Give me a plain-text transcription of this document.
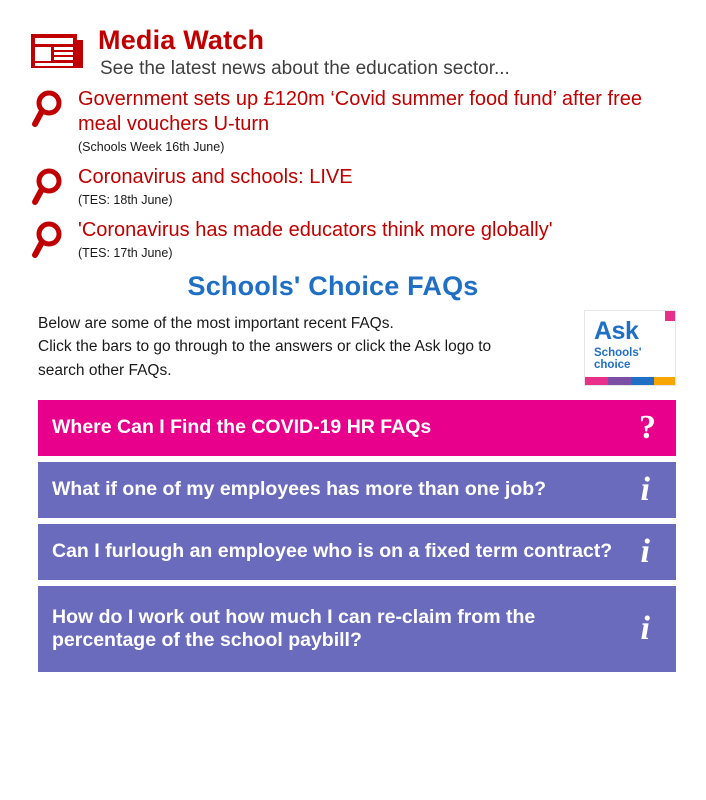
Media Watch
See the latest news about the education sector...
Government sets up £120m ‘Covid summer food fund’ after free meal vouchers U-turn
(Schools Week 16th June)
Coronavirus and schools: LIVE
(TES: 18th June)
'Coronavirus has made educators think more globally'
(TES: 17th June)
Schools' Choice FAQs
Below are some of the most important recent FAQs.
Click the bars to go through to the answers or click the Ask logo to
search other FAQs.
Ask
Schools'
choice
Where Can I Find the COVID-19 HR FAQs	?
What if one of my employees has more than one job?	i
Can I furlough an employee who is on a fixed term contract? i
How do I work out how much I can re-claim from the percentage of the school paybill?	i
